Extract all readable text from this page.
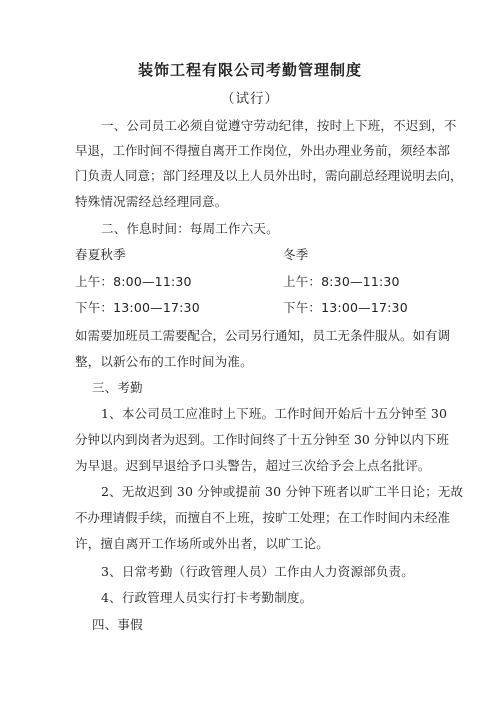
装饰工程有限公司考勤管理制度
（试行）
一、公司员工必须自觉遵守劳动纪律，按时上下班，不迟到，不
早退，工作时间不得擅自离开工作岗位，外出办理业务前，须经本部
门负责人同意；部门经理及以上人员外出时，需向副总经理说明去向，
特殊情况需经总经理同意。
二、作息时间：每周工作六天。
春夏秋季	冬季
上午：8:00—11:30	上午：8:30—11:30
下午：13:00—17:30	下午：13:00—17:30
如需要加班员工需要配合，公司另行通知，员工无条件服从。如有调
整，以新公布的工作时间为准。
三、考勤
1、本公司员工应准时上下班。工作时间开始后十五分钟至 30
分钟以内到岗者为迟到。工作时间终了十五分钟至 30 分钟以内下班
为早退。迟到早退给予口头警告，超过三次给予会上点名批评。
2、无故迟到 30 分钟或提前 30 分钟下班者以旷工半日论；无故
不办理请假手续，而擅自不上班，按旷工处理；在工作时间内未经准
许，擅自离开工作场所或外出者，以旷工论。
3、日常考勤（行政管理人员）工作由人力资源部负责。
4、行政管理人员实行打卡考勤制度。
四、事假
